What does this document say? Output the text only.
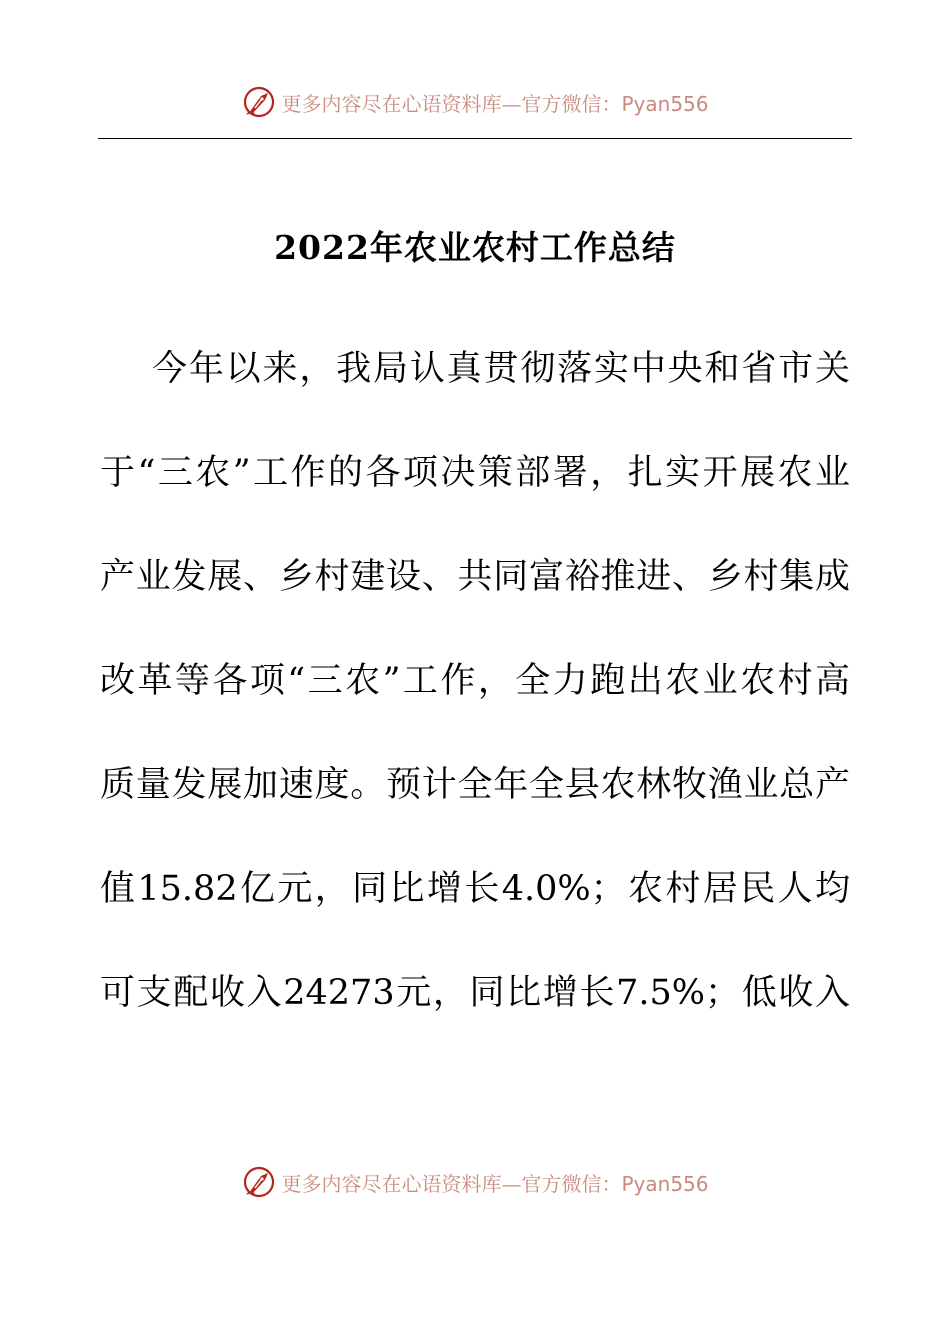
更多内容尽在心语资料库—官方微信：Pyan556
2022年农业农村工作总结
今年以来，我局认真贯彻落实中央和省市关
于“三农”工作的各项决策部署，扎实开展农业
产业发展、乡村建设、共同富裕推进、乡村集成
改革等各项“三农”工作，全力跑出农业农村高
质量发展加速度。预计全年全县农林牧渔业总产
值15.82亿元，同比增长4.0%；农村居民人均
可支配收入24273元，同比增长7.5%；低收入
更多内容尽在心语资料库—官方微信：Pyan556
